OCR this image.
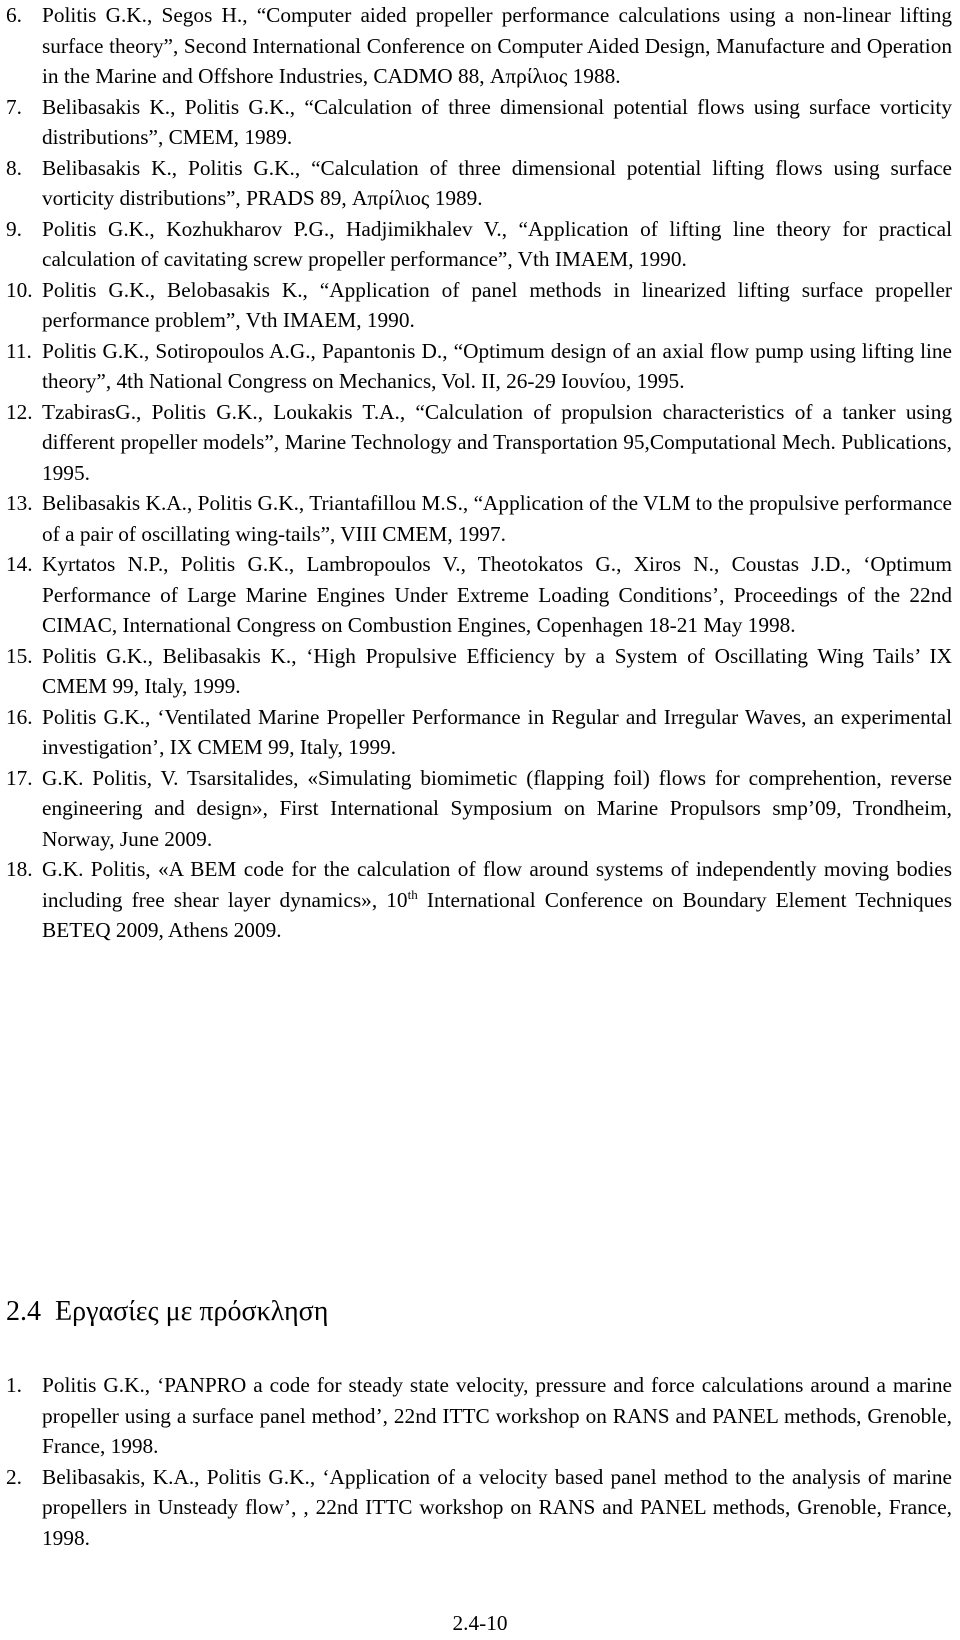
6. Politis G.K., Segos H., “Computer aided propeller performance calculations using a non-linear lifting surface theory”, Second International Conference on Computer Aided Design, Manufacture and Operation in the Marine and Offshore Industries, CADMO 88, Απρίλιος 1988.
7. Belibasakis K., Politis G.K., “Calculation of three dimensional potential flows using surface vorticity distributions”, CMEM, 1989.
8. Belibasakis K., Politis G.K., “Calculation of three dimensional potential lifting flows using surface vorticity distributions”, PRADS 89, Απρίλιος 1989.
9. Politis G.K., Kozhukharov P.G., Hadjimikhalev V., “Application of lifting line theory for practical calculation of cavitating screw propeller performance”, Vth IMAEM, 1990.
10. Politis G.K., Belobasakis K., “Application of panel methods in linearized lifting surface propeller performance problem”, Vth IMAEM, 1990.
11. Politis G.K., Sotiropoulos A.G., Papantonis D., “Optimum design of an axial flow pump using lifting line theory”, 4th National Congress on Mechanics, Vol. II, 26-29 Ιουνίου, 1995.
12. TzabirasG., Politis G.K., Loukakis T.A., “Calculation of propulsion characteristics of a tanker using different propeller models”, Marine Technology and Transportation 95,Computational Mech. Publications, 1995.
13. Belibasakis K.A., Politis G.K., Triantafillou M.S., “Application of the VLM to the propulsive performance of a pair of oscillating wing-tails”, VIII CMEM, 1997.
14. Kyrtatos N.P., Politis G.K., Lambropoulos V., Theotokatos G., Xiros N., Coustas J.D., ‘Optimum Performance of Large Marine Engines Under Extreme Loading Conditions’, Proceedings of the 22nd CIMAC, International Congress on Combustion Engines, Copenhagen 18-21 May 1998.
15. Politis G.K., Belibasakis K., ‘High Propulsive Efficiency by a System of Oscillating Wing Tails’ IX CMEM 99, Italy, 1999.
16. Politis G.K., ‘Ventilated Marine Propeller Performance in Regular and Irregular Waves, an experimental investigation’, IX CMEM 99, Italy, 1999.
17. G.K. Politis, V. Tsarsitalides, «Simulating biomimetic (flapping foil) flows for comprehention, reverse engineering and design», First International Symposium on Marine Propulsors smp’09, Trondheim, Norway, June 2009.
18. G.K. Politis, «A BEM code for the calculation of flow around systems of independently moving bodies including free shear layer dynamics», 10th International Conference on Boundary Element Techniques BETEQ 2009, Athens 2009.
2.4 Εργασίες με πρόσκληση
1. Politis G.K., ‘PANPRO a code for steady state velocity, pressure and force calculations around a marine propeller using a surface panel method’, 22nd ITTC workshop on RANS and PANEL methods, Grenoble, France, 1998.
2. Belibasakis, K.A., Politis G.K., ‘Application of a velocity based panel method to the analysis of marine propellers in Unsteady flow’, , 22nd ITTC workshop on RANS and PANEL methods, Grenoble, France, 1998.
2.4-10
